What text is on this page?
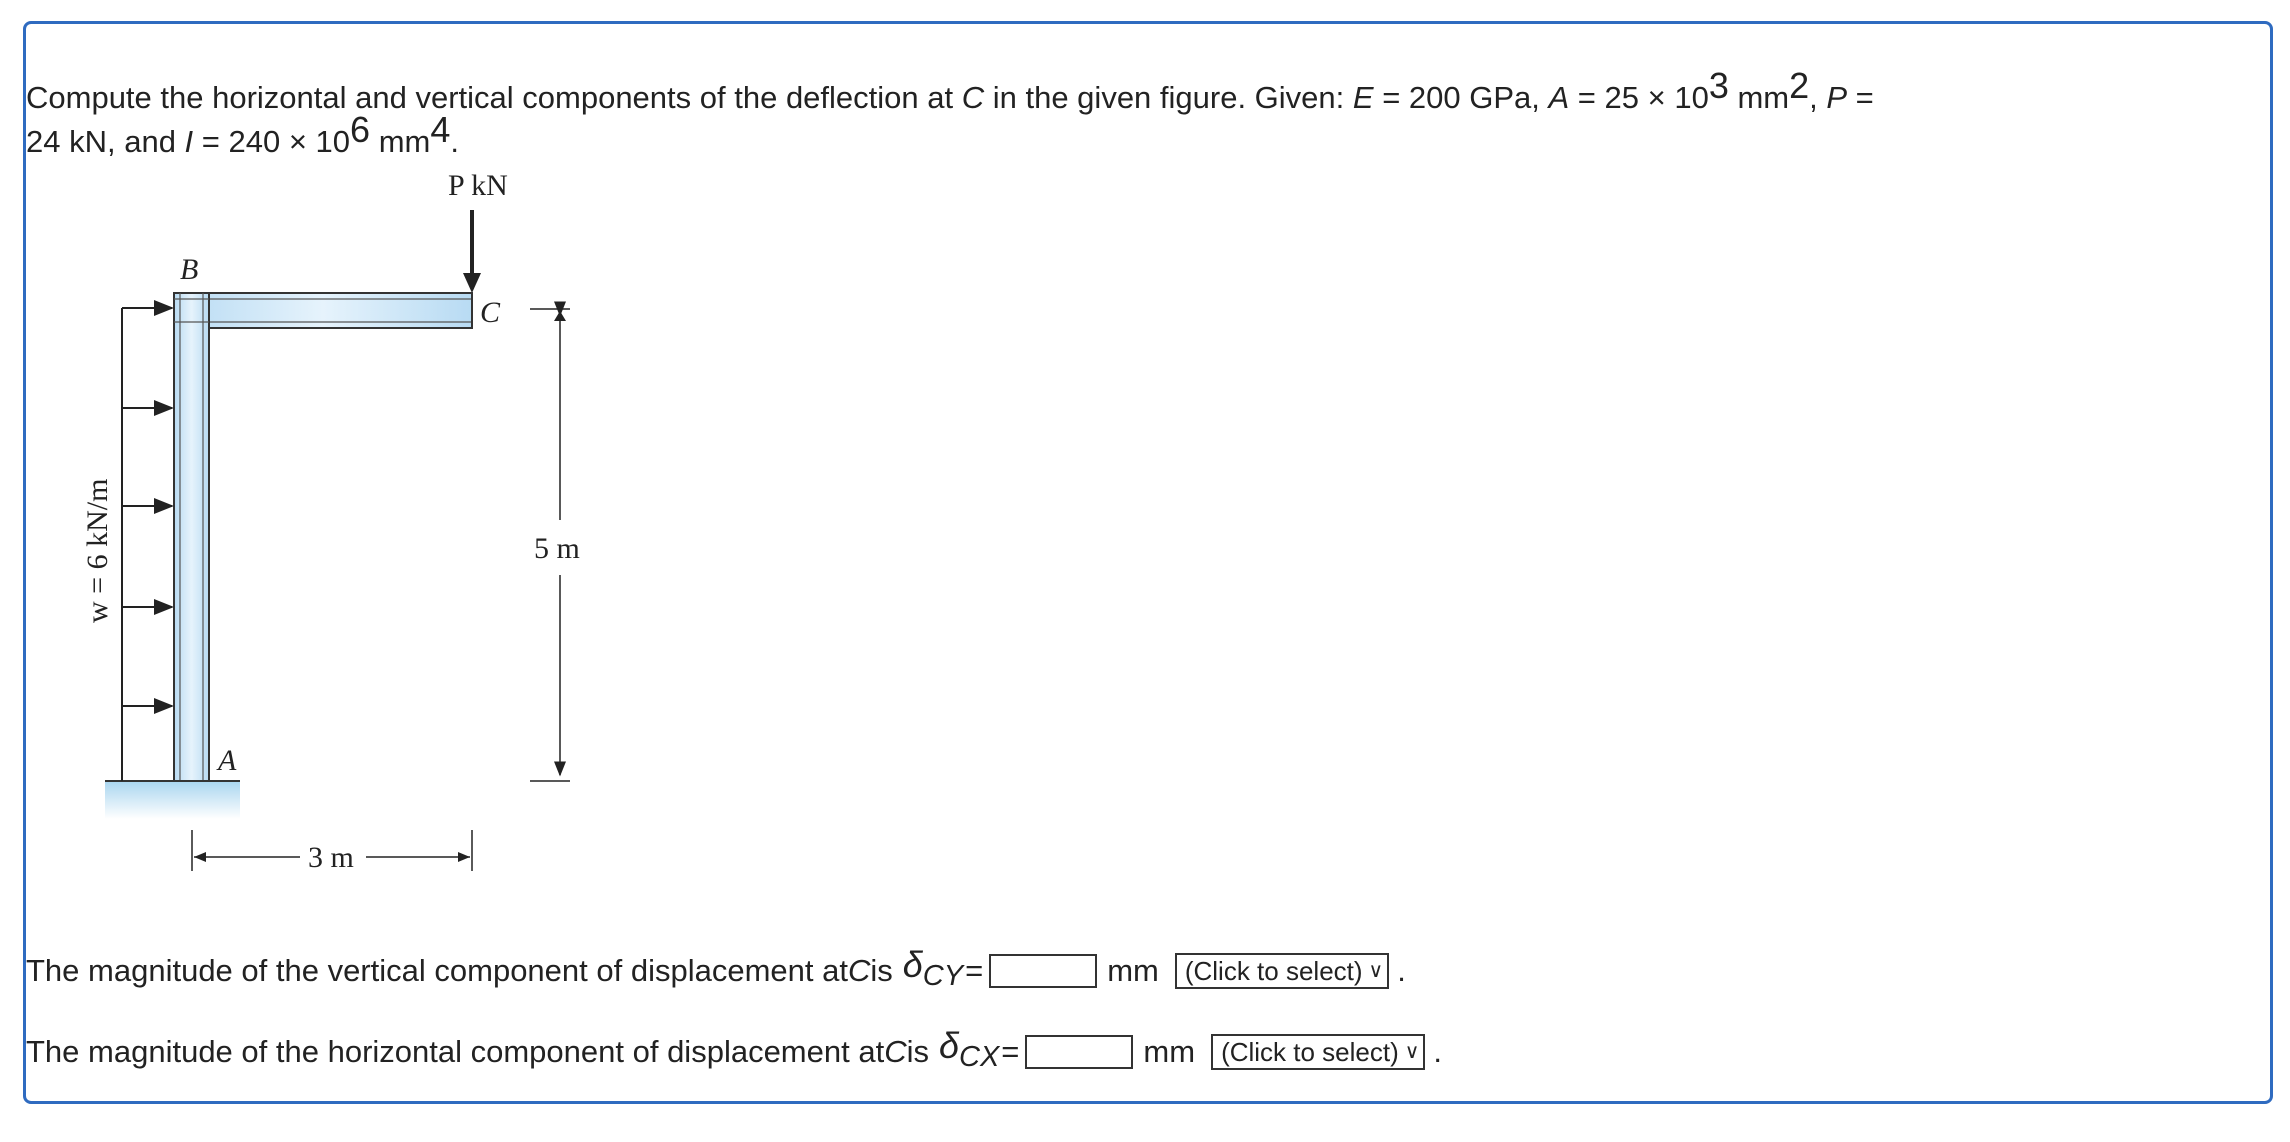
Compute the horizontal and vertical components of the deflection at C in the given figure. Given: E = 200 GPa, $A = 25 \times 10^3$ $mm^2$, P =
24 kN, and $I = 240 \times 10^6$ $mm^4$.
P kN
B
C
A
w = 6 kN/m	5 m
3 m
The magnitude of the vertical component of displacement at C is $\delta_{CY}$ =	mm (Click to select) ∨ .
The magnitude of the horizontal component of displacement at C is $\delta_{CX}$ =	mm (Click to select) ∨ .
